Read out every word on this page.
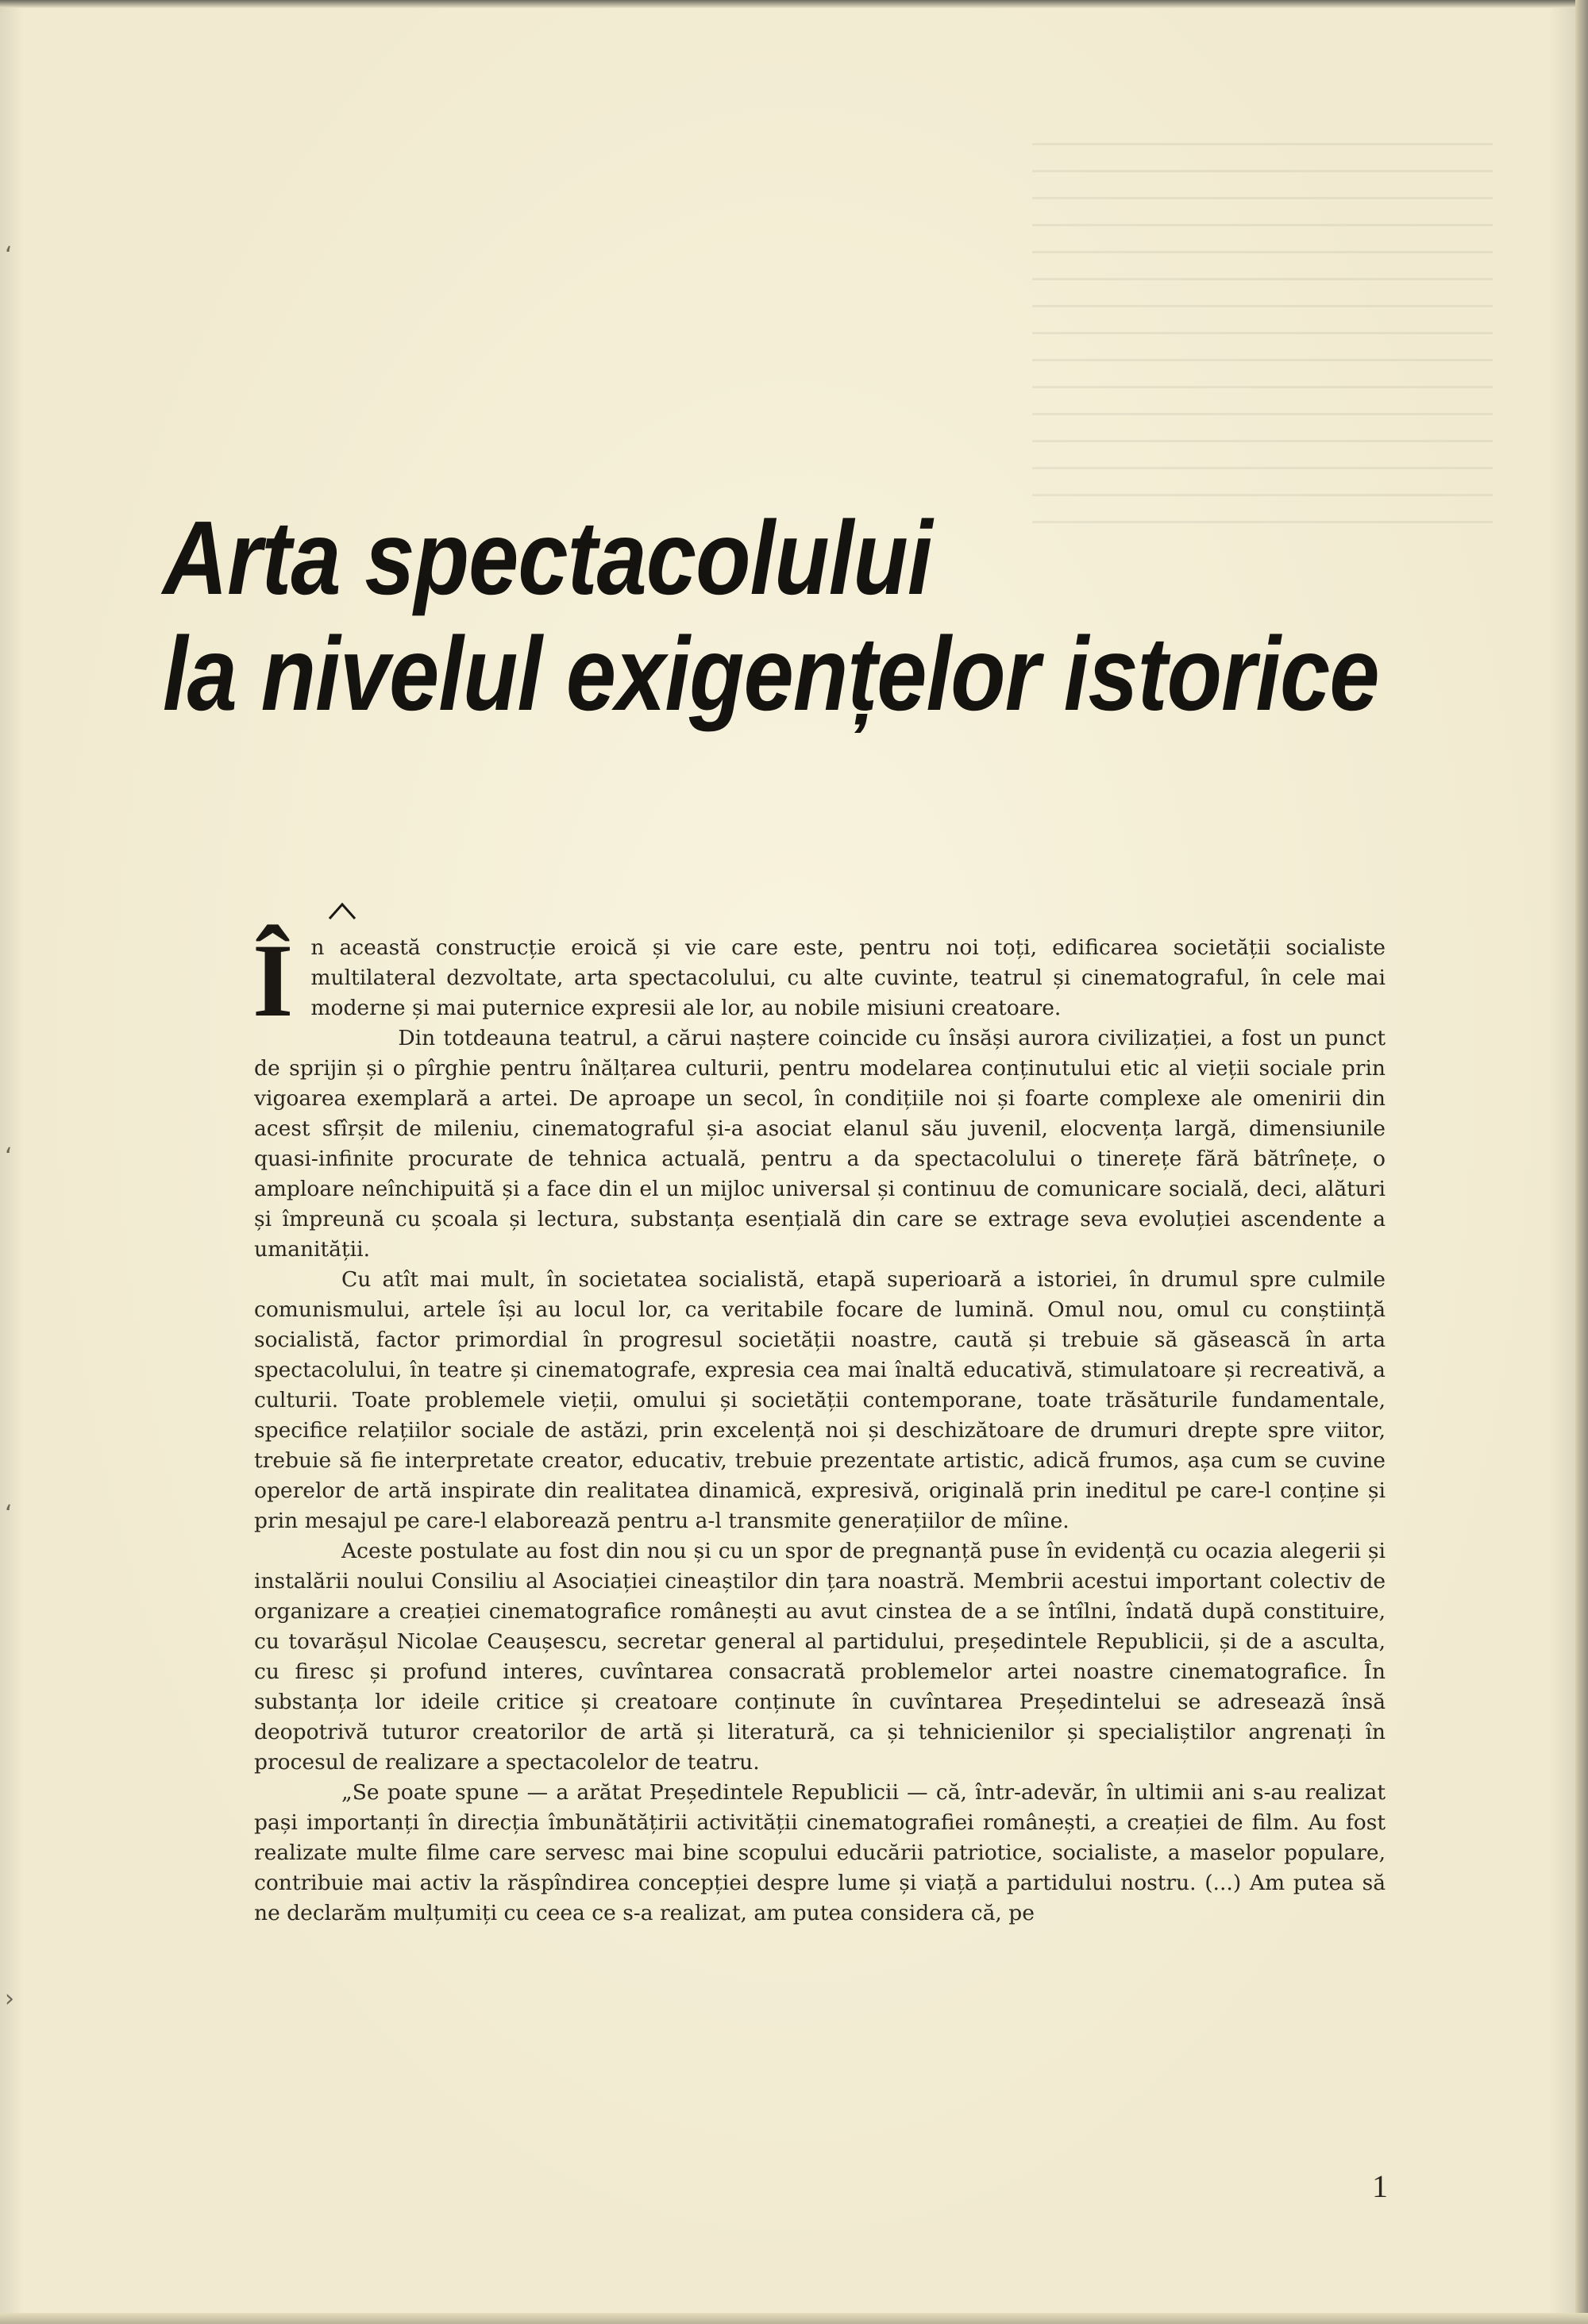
‘
‘
‘
›
Arta spectacolului
la nivelul exigențelor istorice

În această construcție eroică și vie care este, pentru noi toți, edificarea societății socialiste multilateral dezvoltate, arta spectacolului, cu alte cuvinte, teatrul și cinematograful, în cele mai moderne și mai puternice expresii ale lor, au nobile misiuni creatoare.

Din totdeauna teatrul, a cărui naștere coincide cu însăși aurora civilizației, a fost un punct de sprijin și o pîrghie pentru înălțarea culturii, pentru modelarea conținutului etic al vieții sociale prin vigoarea exemplară a artei. De aproape un secol, în condițiile noi și foarte complexe ale omenirii din acest sfîrșit de mileniu, cinematograful și-a asociat elanul său juvenil, elocvența largă, dimensiunile quasi-infinite procurate de tehnica actuală, pentru a da spectacolului o tinerețe fără bătrînețe, o amploare neînchipuită și a face din el un mijloc universal și continuu de comunicare socială, deci, alături și împreună cu școala și lectura, substanța esențială din care se extrage seva evoluției ascendente a umanității.

Cu atît mai mult, în societatea socialistă, etapă superioară a istoriei, în drumul spre culmile comunismului, artele își au locul lor, ca veritabile focare de lumină. Omul nou, omul cu conștiință socialistă, factor primordial în progresul societății noastre, caută și trebuie să găsească în arta spectacolului, în teatre și cinematografe, expresia cea mai înaltă educativă, stimulatoare și recreativă, a culturii. Toate problemele vieții, omului și societății contemporane, toate trăsăturile fundamentale, specifice relațiilor sociale de astăzi, prin excelență noi și deschizătoare de drumuri drepte spre viitor, trebuie să fie interpretate creator, educativ, trebuie prezentate artistic, adică frumos, așa cum se cuvine operelor de artă inspirate din realitatea dinamică, expresivă, originală prin ineditul pe care-l conține și prin mesajul pe care-l elaborează pentru a-l transmite generațiilor de mîine.

Aceste postulate au fost din nou și cu un spor de pregnanță puse în evidență cu ocazia alegerii și instalării noului Consiliu al Asociației cineaștilor din țara noastră. Membrii acestui important colectiv de organizare a creației cinematografice românești au avut cinstea de a se întîlni, îndată după constituire, cu tovarășul Nicolae Ceaușescu, secretar general al partidului, președintele Republicii, și de a asculta, cu firesc și profund interes, cuvîntarea consacrată problemelor artei noastre cinematografice. În substanța lor ideile critice și creatoare conținute în cuvîntarea Președintelui se adresează însă deopotrivă tuturor creatorilor de artă și literatură, ca și tehnicienilor și specialiștilor angrenați în procesul de realizare a spectacolelor de teatru.

„Se poate spune — a arătat Președintele Republicii — că, într-adevăr, în ultimii ani s-au realizat pași importanți în direcția îmbunătățirii activității cinematografiei românești, a creației de film. Au fost realizate multe filme care servesc mai bine scopului educării patriotice, socialiste, a maselor populare, contribuie mai activ la răspîndirea concepției despre lume și viață a partidului nostru. (...) Am putea să ne declarăm mulțumiți cu ceea ce s-a realizat, am putea considera că, pe

1
